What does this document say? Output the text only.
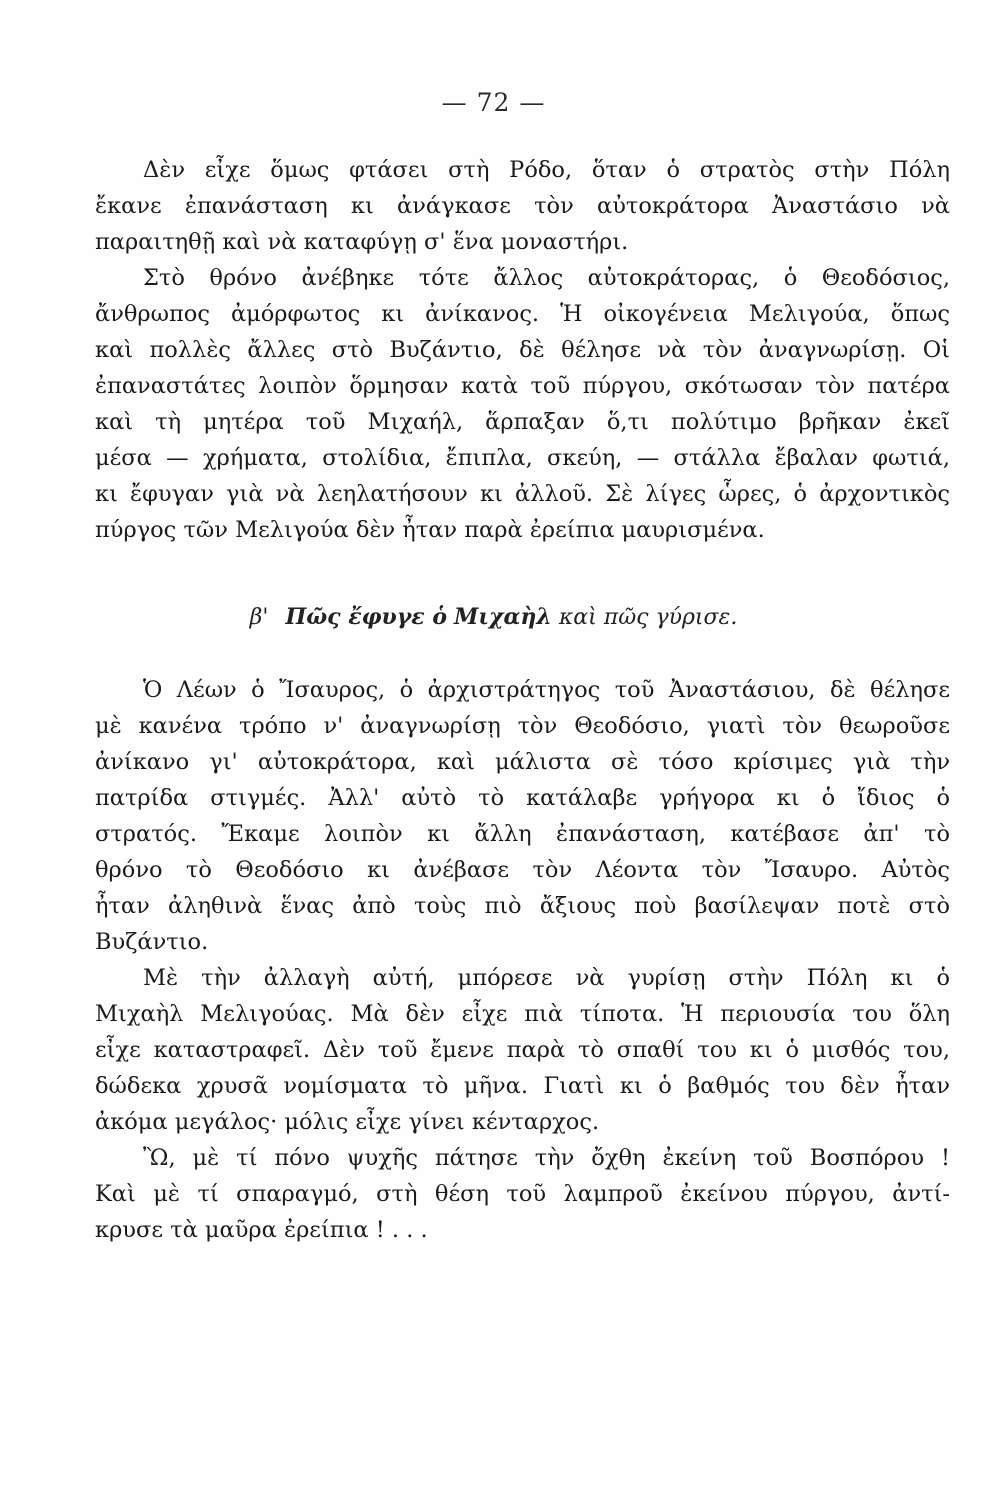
— 72 —
Δὲν εἶχε ὅμως φτάσει στὴ Ρόδο, ὅταν ὁ στρατὸς στὴν Πόλη
ἔκανε ἐπανάσταση κι ἀνάγκασε τὸν αὐτοκράτορα Ἀναστάσιο νὰ
παραιτηθῇ καὶ νὰ καταφύγῃ σ' ἕνα μοναστήρι.
Στὸ θρόνο ἀνέβηκε τότε ἄλλος αὐτοκράτορας, ὁ Θεοδόσιος,
ἄνθρωπος ἀμόρφωτος κι ἀνίκανος. Ἡ οἰκογένεια Μελιγούα, ὅπως
καὶ πολλὲς ἄλλες στὸ Βυζάντιο, δὲ θέλησε νὰ τὸν ἀναγνωρίσῃ. Οἱ
ἐπαναστάτες λοιπὸν ὅρμησαν κατὰ τοῦ πύργου, σκότωσαν τὸν πατέρα
καὶ τὴ μητέρα τοῦ Μιχαήλ, ἅρπαξαν ὅ,τι πολύτιμο βρῆκαν ἐκεῖ
μέσα — χρήματα, στολίδια, ἔπιπλα, σκεύη, — στάλλα ἔβαλαν φωτιά,
κι ἔφυγαν γιὰ νὰ λεηλατήσουν κι ἀλλοῦ. Σὲ λίγες ὧρες, ὁ ἀρχοντικὸς
πύργος τῶν Μελιγούα δὲν ἦταν παρὰ ἐρείπια μαυρισμένα.
β' Πῶς ἔφυγε ὁ Μιχαὴλ καὶ πῶς γύρισε.
Ὁ Λέων ὁ Ἴσαυρος, ὁ ἀρχιστράτηγος τοῦ Ἀναστάσιου, δὲ θέλησε
μὲ κανένα τρόπο ν' ἀναγνωρίσῃ τὸν Θεοδόσιο, γιατὶ τὸν θεωροῦσε
ἀνίκανο γι' αὐτοκράτορα, καὶ μάλιστα σὲ τόσο κρίσιμες γιὰ τὴν
πατρίδα στιγμές. Ἀλλ' αὐτὸ τὸ κατάλαβε γρήγορα κι ὁ ἴδιος ὁ
στρατός. Ἔκαμε λοιπὸν κι ἄλλη ἐπανάσταση, κατέβασε ἀπ' τὸ
θρόνο τὸ Θεοδόσιο κι ἀνέβασε τὸν Λέοντα τὸν Ἴσαυρο. Αὐτὸς
ἦταν ἀληθινὰ ἕνας ἀπὸ τοὺς πιὸ ἄξιους ποὺ βασίλεψαν ποτὲ στὸ
Βυζάντιο.
Μὲ τὴν ἀλλαγὴ αὐτή, μπόρεσε νὰ γυρίσῃ στὴν Πόλη κι ὁ
Μιχαὴλ Μελιγούας. Μὰ δὲν εἶχε πιὰ τίποτα. Ἡ περιουσία του ὅλη
εἶχε καταστραφεῖ. Δὲν τοῦ ἔμενε παρὰ τὸ σπαθί του κι ὁ μισθός του,
δώδεκα χρυσᾶ νομίσματα τὸ μῆνα. Γιατὶ κι ὁ βαθμός του δὲν ἦταν
ἀκόμα μεγάλος· μόλις εἶχε γίνει κένταρχος.
Ὢ, μὲ τί πόνο ψυχῆς πάτησε τὴν ὄχθη ἐκείνη τοῦ Βοσπόρου !
Καὶ μὲ τί σπαραγμό, στὴ θέση τοῦ λαμπροῦ ἐκείνου πύργου, ἀντί-
κρυσε τὰ μαῦρα ἐρείπια ! . . .
